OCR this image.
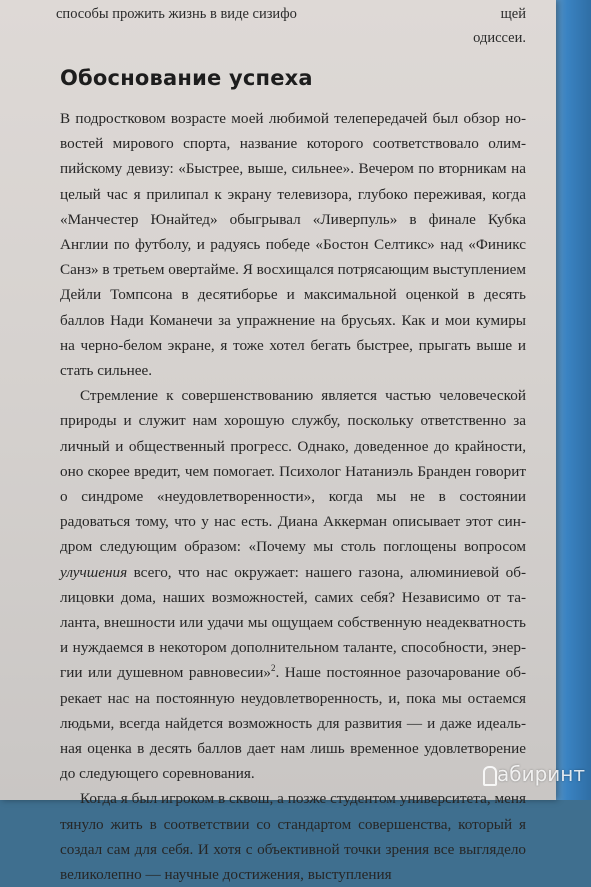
способы прожить жизнь в виде сизифо	щей
одиссеи.
Обоснование успеха

В подростковом возрасте моей любимой телепередачей был обзор новостей мирового спорта, название которого соответствовало олимпийскому девизу: «Быстрее, выше, сильнее». Вечером по вторникам на целый час я прилипал к экрану телевизора, глубоко переживая, когда «Манчестер Юнайтед» обыгрывал «Ливерпуль» в финале Кубка Англии по футболу, и радуясь победе «Бостон Селтикс» над «Финикс Санз» в третьем овертайме. Я восхищался потрясающим выступлением Дейли Томпсона в десятиборье и максимальной оценкой в десять баллов Нади Команечи за упражнение на брусьях. Как и мои кумиры на черно-белом экране, я тоже хотел бегать быстрее, прыгать выше и стать сильнее.

Стремление к совершенствованию является частью человеческой природы и служит нам хорошую службу, поскольку ответственно за личный и общественный прогресс. Однако, доведенное до крайности, оно скорее вредит, чем помогает. Психолог Натаниэль Бранден говорит о синдроме «неудовлетворенности», когда мы не в состоянии радоваться тому, что у нас есть. Диана Аккерман описывает этот синдром следующим образом: «Почему мы столь поглощены вопросом улучшения всего, что нас окружает: нашего газона, алюминиевой облицовки дома, наших возможностей, самих себя? Независимо от таланта, внешности или удачи мы ощущаем собственную неадекватность и нуждаемся в некотором дополнительном таланте, способности, энергии или душевном равновесии»$^2$. Наше постоянное разочарование обрекает нас на постоянную неудовлетворенность, и, пока мы остаемся людьми, всегда найдется возможность для развития — и даже идеальная оценка в десять баллов дает нам лишь временное удовлетворение до следующего соревнования.

Когда я был игроком в сквош, а позже студентом университета, меня тянуло жить в соответствии со стандартом совершенства, который я создал сам для себя. И хотя с объективной точки зрения все выглядело великолепно — научные достижения, выступления

абиринт
